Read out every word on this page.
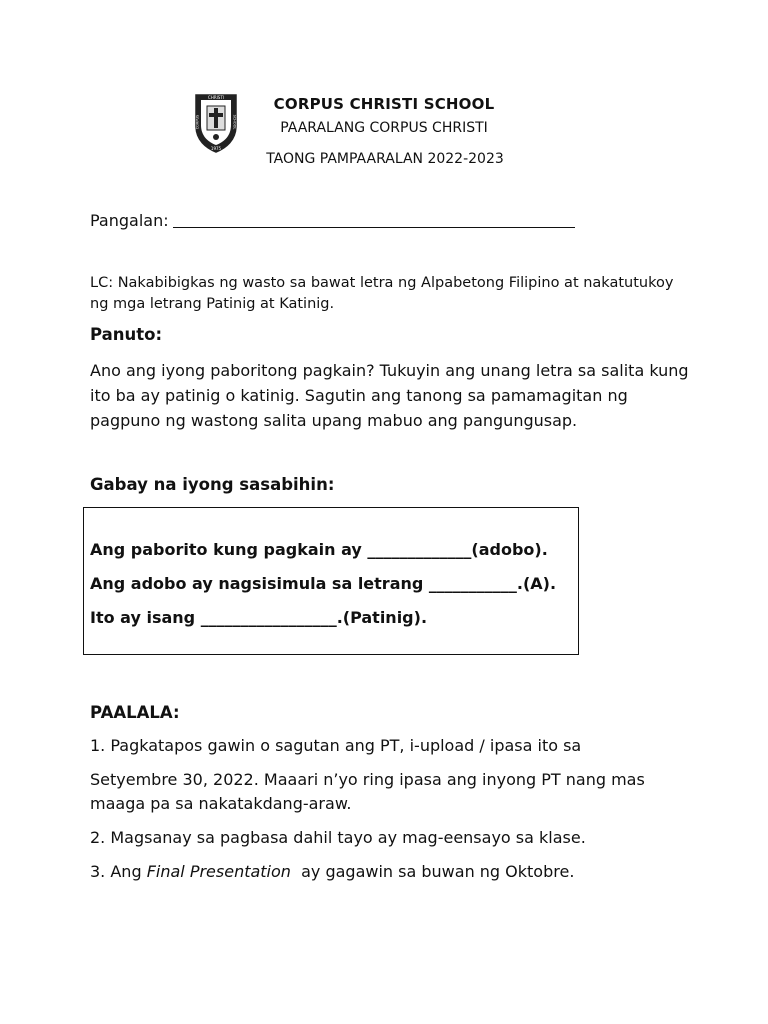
CHRISTI
1975
CORPUS	SCHOOL
CORPUS CHRISTI SCHOOL
PAARALANG CORPUS CHRISTI
TAONG PAMPAARALAN 2022-2023
Pangalan:
LC: Nakabibigkas ng wasto sa bawat letra ng Alpabetong Filipino at nakatutukoy ng mga letrang Patinig at Katinig.
Panuto:
Ano ang iyong paboritong pagkain? Tukuyin ang unang letra sa salita kung ito ba ay patinig o katinig. Sagutin ang tanong sa pamamagitan ng pagpuno ng wastong salita upang mabuo ang pangungusap.
Gabay na iyong sasabihin:
Ang paborito kung pagkain ay _____________(adobo).
Ang adobo ay nagsisimula sa letrang ___________.(A).
Ito ay isang _________________.(Patinig).
PAALALA:
1. Pagkatapos gawin o sagutan ang PT, i-upload / ipasa ito sa
Setyembre 30, 2022. Maaari n’yo ring ipasa ang inyong PT nang mas maaga pa sa nakatakdang-araw.
2. Magsanay sa pagbasa dahil tayo ay mag-eensayo sa klase.
3. Ang Final Presentation  ay gagawin sa buwan ng Oktobre.
